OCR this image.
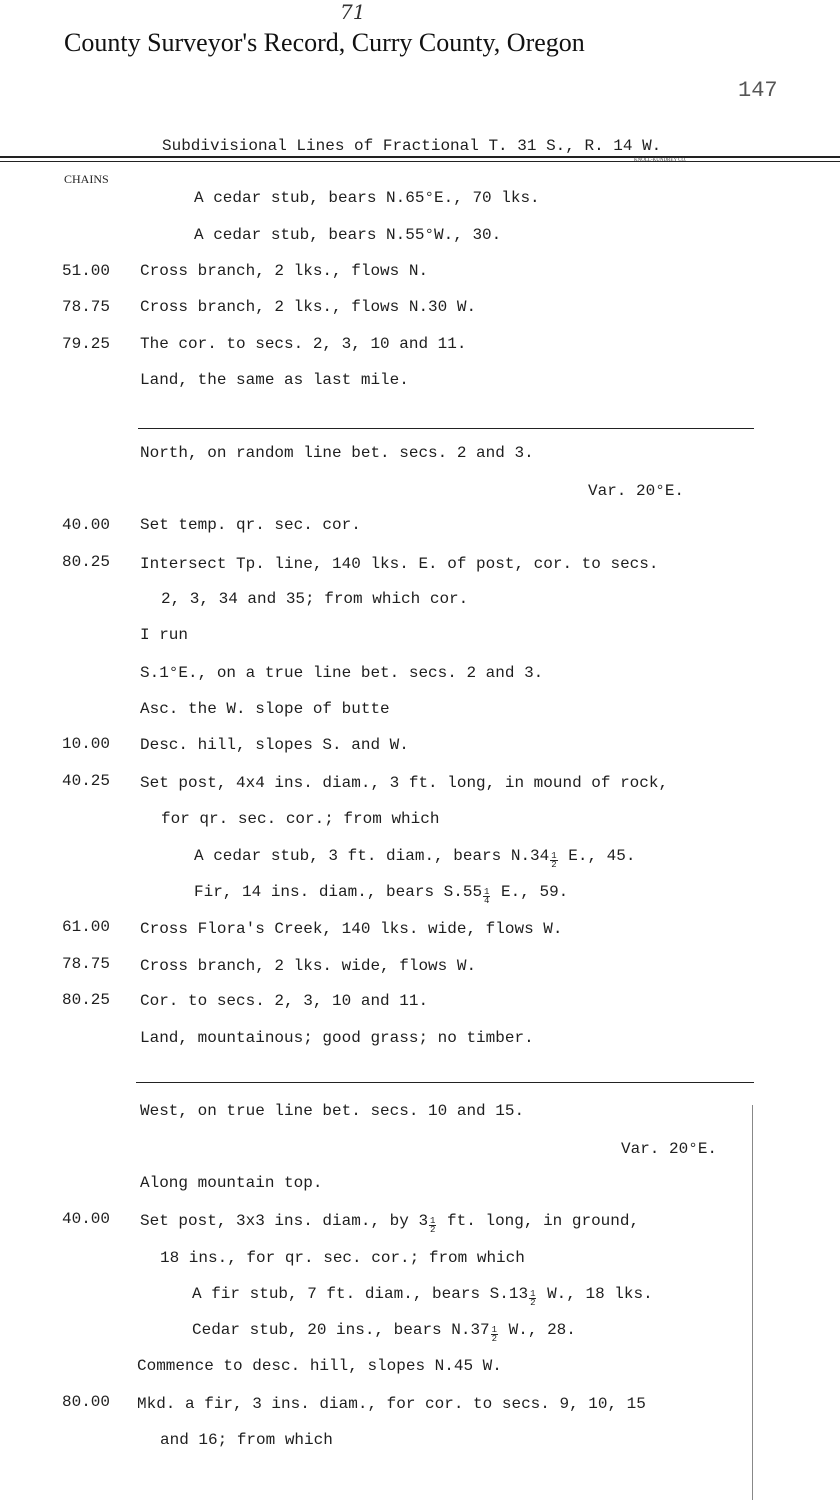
71
County Surveyor's Record, Curry County, Oregon
147
Subdivisional Lines of Fractional T. 31 S., R. 14 W.
KNOLL-KUNDREY CO.
CHAINS
A cedar stub, bears N.65°E., 70 lks.
A cedar stub, bears N.55°W., 30.
51.00 Cross branch, 2 lks., flows N.
78.75 Cross branch, 2 lks., flows N.30 W.
79.25 The cor. to secs. 2, 3, 10 and 11.
Land, the same as last mile.
North, on random line bet. secs. 2 and 3.
Var. 20°E.
40.00 Set temp. qr. sec. cor.
80.25 Intersect Tp. line, 140 lks. E. of post, cor. to secs.
2, 3, 34 and 35; from which cor.
I run
S.1°E., on a true line bet. secs. 2 and 3.
Asc. the W. slope of butte
10.00 Desc. hill, slopes S. and W.
40.25 Set post, 4x4 ins. diam., 3 ft. long, in mound of rock,
for qr. sec. cor.; from which
A cedar stub, 3 ft. diam., bears $N.34 \frac{1}{2} E$., 45.
Fir, 14 ins. diam., bears $S.55 \frac{1}{4} E$., 59.
61.00 Cross Flora's Creek, 140 lks. wide, flows W.
78.75 Cross branch, 2 lks. wide, flows W.
80.25 Cor. to secs. 2, 3, 10 and 11.
Land, mountainous; good grass; no timber.
West, on true line bet. secs. 10 and 15.
Var. 20°E.
Along mountain top.
40.00 Set post, 3x3 ins. diam., by $3 \frac{1}{2}$ ft. long, in ground,
18 ins., for qr. sec. cor.; from which
A fir stub, 7 ft. diam., bears $S.13 \frac{1}{2} W$., 18 lks.
Cedar stub, 20 ins., bears $N.37 \frac{1}{2} W$., 28.
Commence to desc. hill, slopes N.45 W.
80.00 Mkd. a fir, 3 ins. diam., for cor. to secs. 9, 10, 15
and 16; from which
